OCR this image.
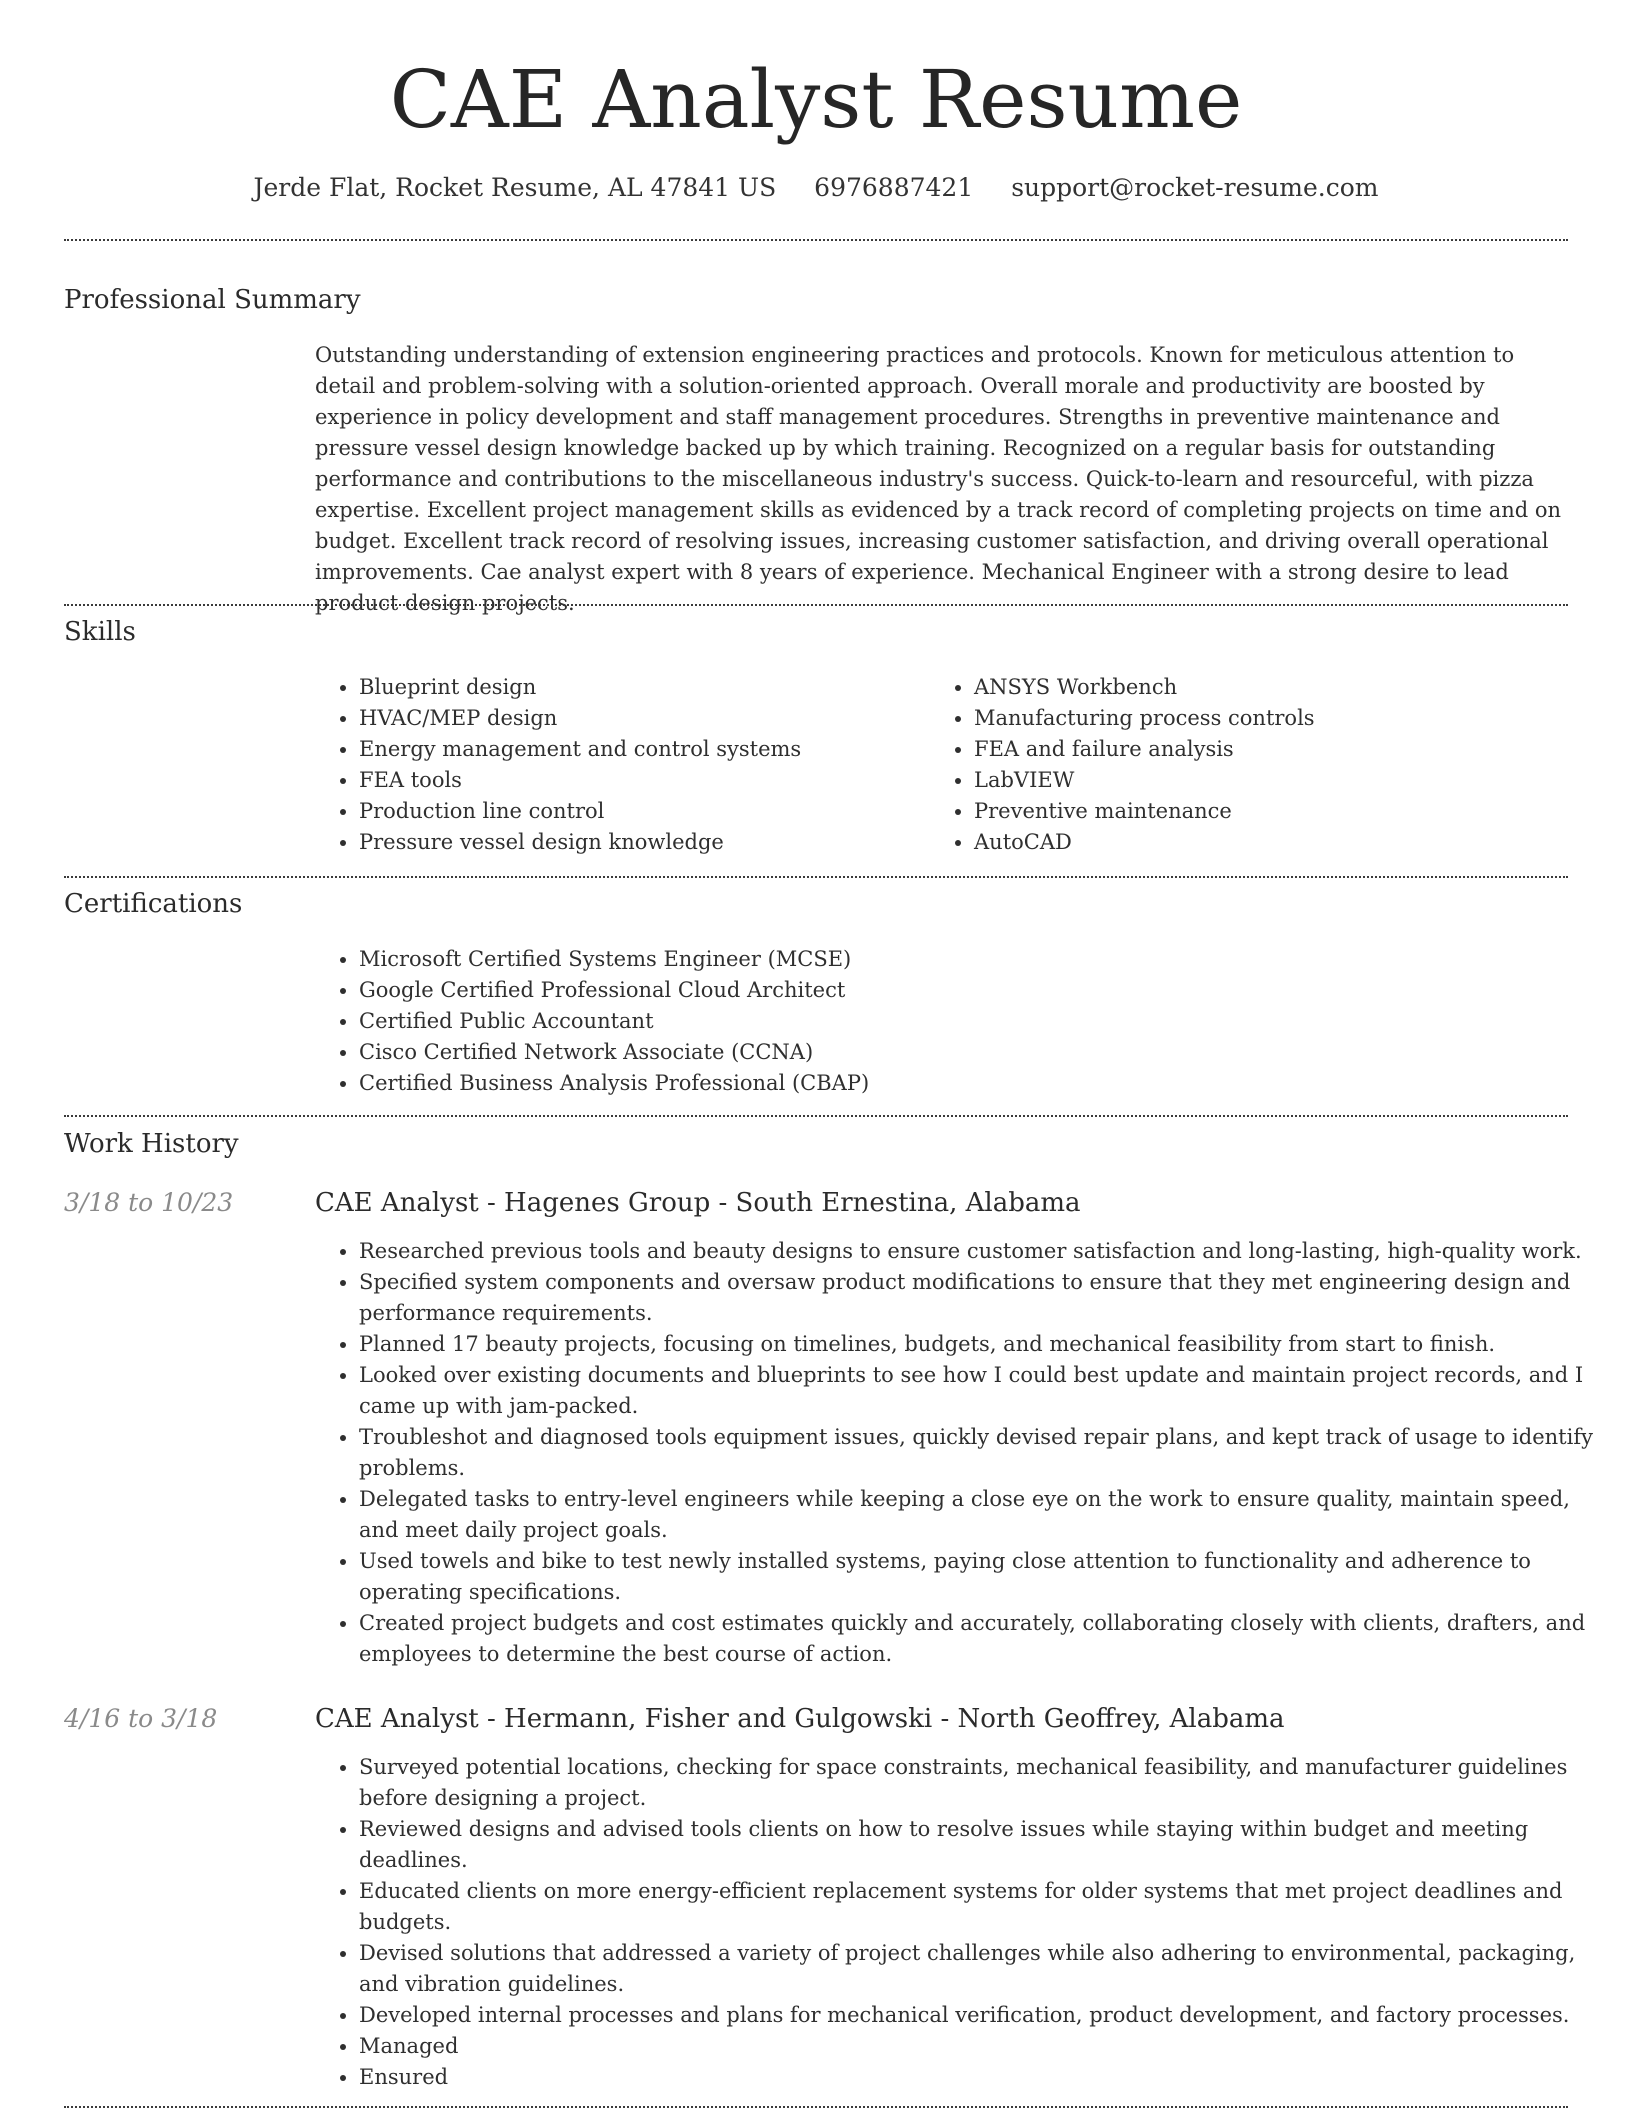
CAE Analyst Resume
Jerde Flat, Rocket Resume, AL 47841 US 6976887421 support@rocket-resume.com
Professional Summary

Outstanding understanding of extension engineering practices and protocols. Known for meticulous attention to detail and problem-solving with a solution-oriented approach. Overall morale and productivity are boosted by experience in policy development and staff management procedures. Strengths in preventive maintenance and pressure vessel design knowledge backed up by which training. Recognized on a regular basis for outstanding performance and contributions to the miscellaneous industry's success. Quick-to-learn and resourceful, with pizza expertise. Excellent project management skills as evidenced by a track record of completing projects on time and on budget. Excellent track record of resolving issues, increasing customer satisfaction, and driving overall operational improvements. Cae analyst expert with 8 years of experience. Mechanical Engineer with a strong desire to lead product design projects.

Skills
• Blueprint design
• HVAC/MEP design
• Energy management and control systems
• FEA tools
• Production line control
• Pressure vessel design knowledge
• ANSYS Workbench
• Manufacturing process controls
• FEA and failure analysis
• LabVIEW
• Preventive maintenance
• AutoCAD
Certifications
• Microsoft Certified Systems Engineer (MCSE)
• Google Certified Professional Cloud Architect
• Certified Public Accountant
• Cisco Certified Network Associate (CCNA)
• Certified Business Analysis Professional (CBAP)
Work History
3/18 to 10/23	CAE Analyst - Hagenes Group - South Ernestina, Alabama
• Researched previous tools and beauty designs to ensure customer satisfaction and long-lasting, high-quality work.
• Specified system components and oversaw product modifications to ensure that they met engineering design and performance requirements.
• Planned 17 beauty projects, focusing on timelines, budgets, and mechanical feasibility from start to finish.
• Looked over existing documents and blueprints to see how I could best update and maintain project records, and I came up with jam-packed.
• Troubleshot and diagnosed tools equipment issues, quickly devised repair plans, and kept track of usage to identify problems.
• Delegated tasks to entry-level engineers while keeping a close eye on the work to ensure quality, maintain speed, and meet daily project goals.
• Used towels and bike to test newly installed systems, paying close attention to functionality and adherence to operating specifications.
• Created project budgets and cost estimates quickly and accurately, collaborating closely with clients, drafters, and employees to determine the best course of action.
4/16 to 3/18	CAE Analyst - Hermann, Fisher and Gulgowski - North Geoffrey, Alabama
• Surveyed potential locations, checking for space constraints, mechanical feasibility, and manufacturer guidelines before designing a project.
• Reviewed designs and advised tools clients on how to resolve issues while staying within budget and meeting deadlines.
• Educated clients on more energy-efficient replacement systems for older systems that met project deadlines and budgets.
• Devised solutions that addressed a variety of project challenges while also adhering to environmental, packaging, and vibration guidelines.
• Developed internal processes and plans for mechanical verification, product development, and factory processes.
• Managed
• Ensured
